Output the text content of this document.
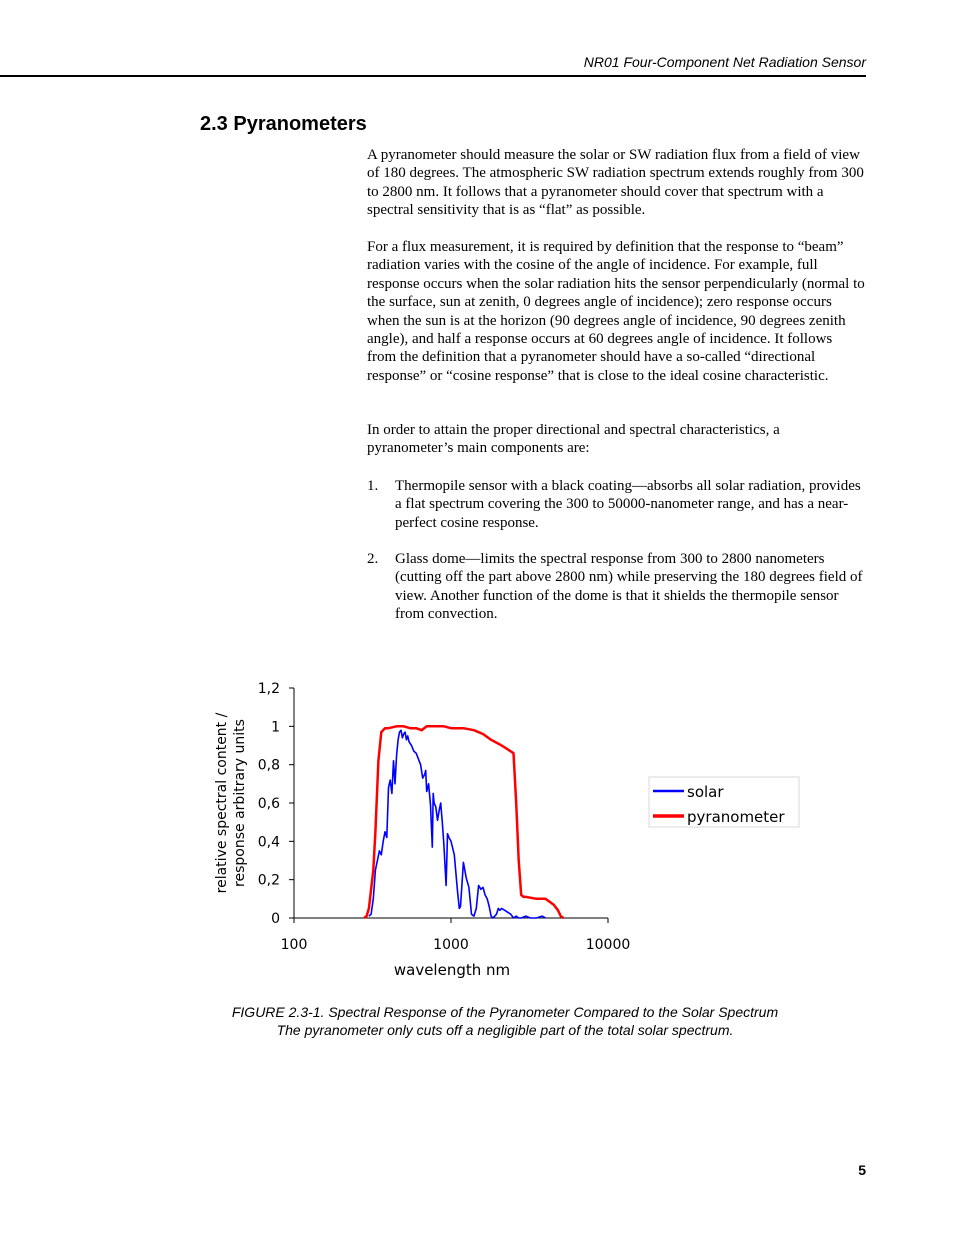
NR01 Four-Component Net Radiation Sensor
2.3 Pyranometers

A pyranometer should measure the solar or SW radiation flux from a field of view of 180 degrees. The atmospheric SW radiation spectrum extends roughly from 300 to 2800 nm. It follows that a pyranometer should cover that spectrum with a spectral sensitivity that is as “flat” as possible.

For a flux measurement, it is required by definition that the response to “beam” radiation varies with the cosine of the angle of incidence. For example, full response occurs when the solar radiation hits the sensor perpendicularly (normal to the surface, sun at zenith, 0 degrees angle of incidence); zero response occurs when the sun is at the horizon (90 degrees angle of incidence, 90 degrees zenith angle), and half a response occurs at 60 degrees angle of incidence. It follows from the definition that a pyranometer should have a so-called “directional response” or “cosine response” that is close to the ideal cosine characteristic.

In order to attain the proper directional and spectral characteristics, a pyranometer’s main components are:

1. Thermopile sensor with a black coating—absorbs all solar radiation, provides a flat spectrum covering the 300 to 50000-nanometer range, and has a near-perfect cosine response.

2. Glass dome—limits the spectral response from 300 to 2800 nanometers (cutting off the part above 2800 nm) while preserving the 180 degrees field of view. Another function of the dome is that it shields the thermopile sensor from convection.

0
0,2
0,4
0,6
0,8
1
1,2
100	1000	10000
relative spectral content / response arbitrary units
wavelength nm
solar
pyranometer

FIGURE 2.3-1. Spectral Response of the Pyranometer Compared to the Solar Spectrum

The pyranometer only cuts off a negligible part of the total solar spectrum.

5
